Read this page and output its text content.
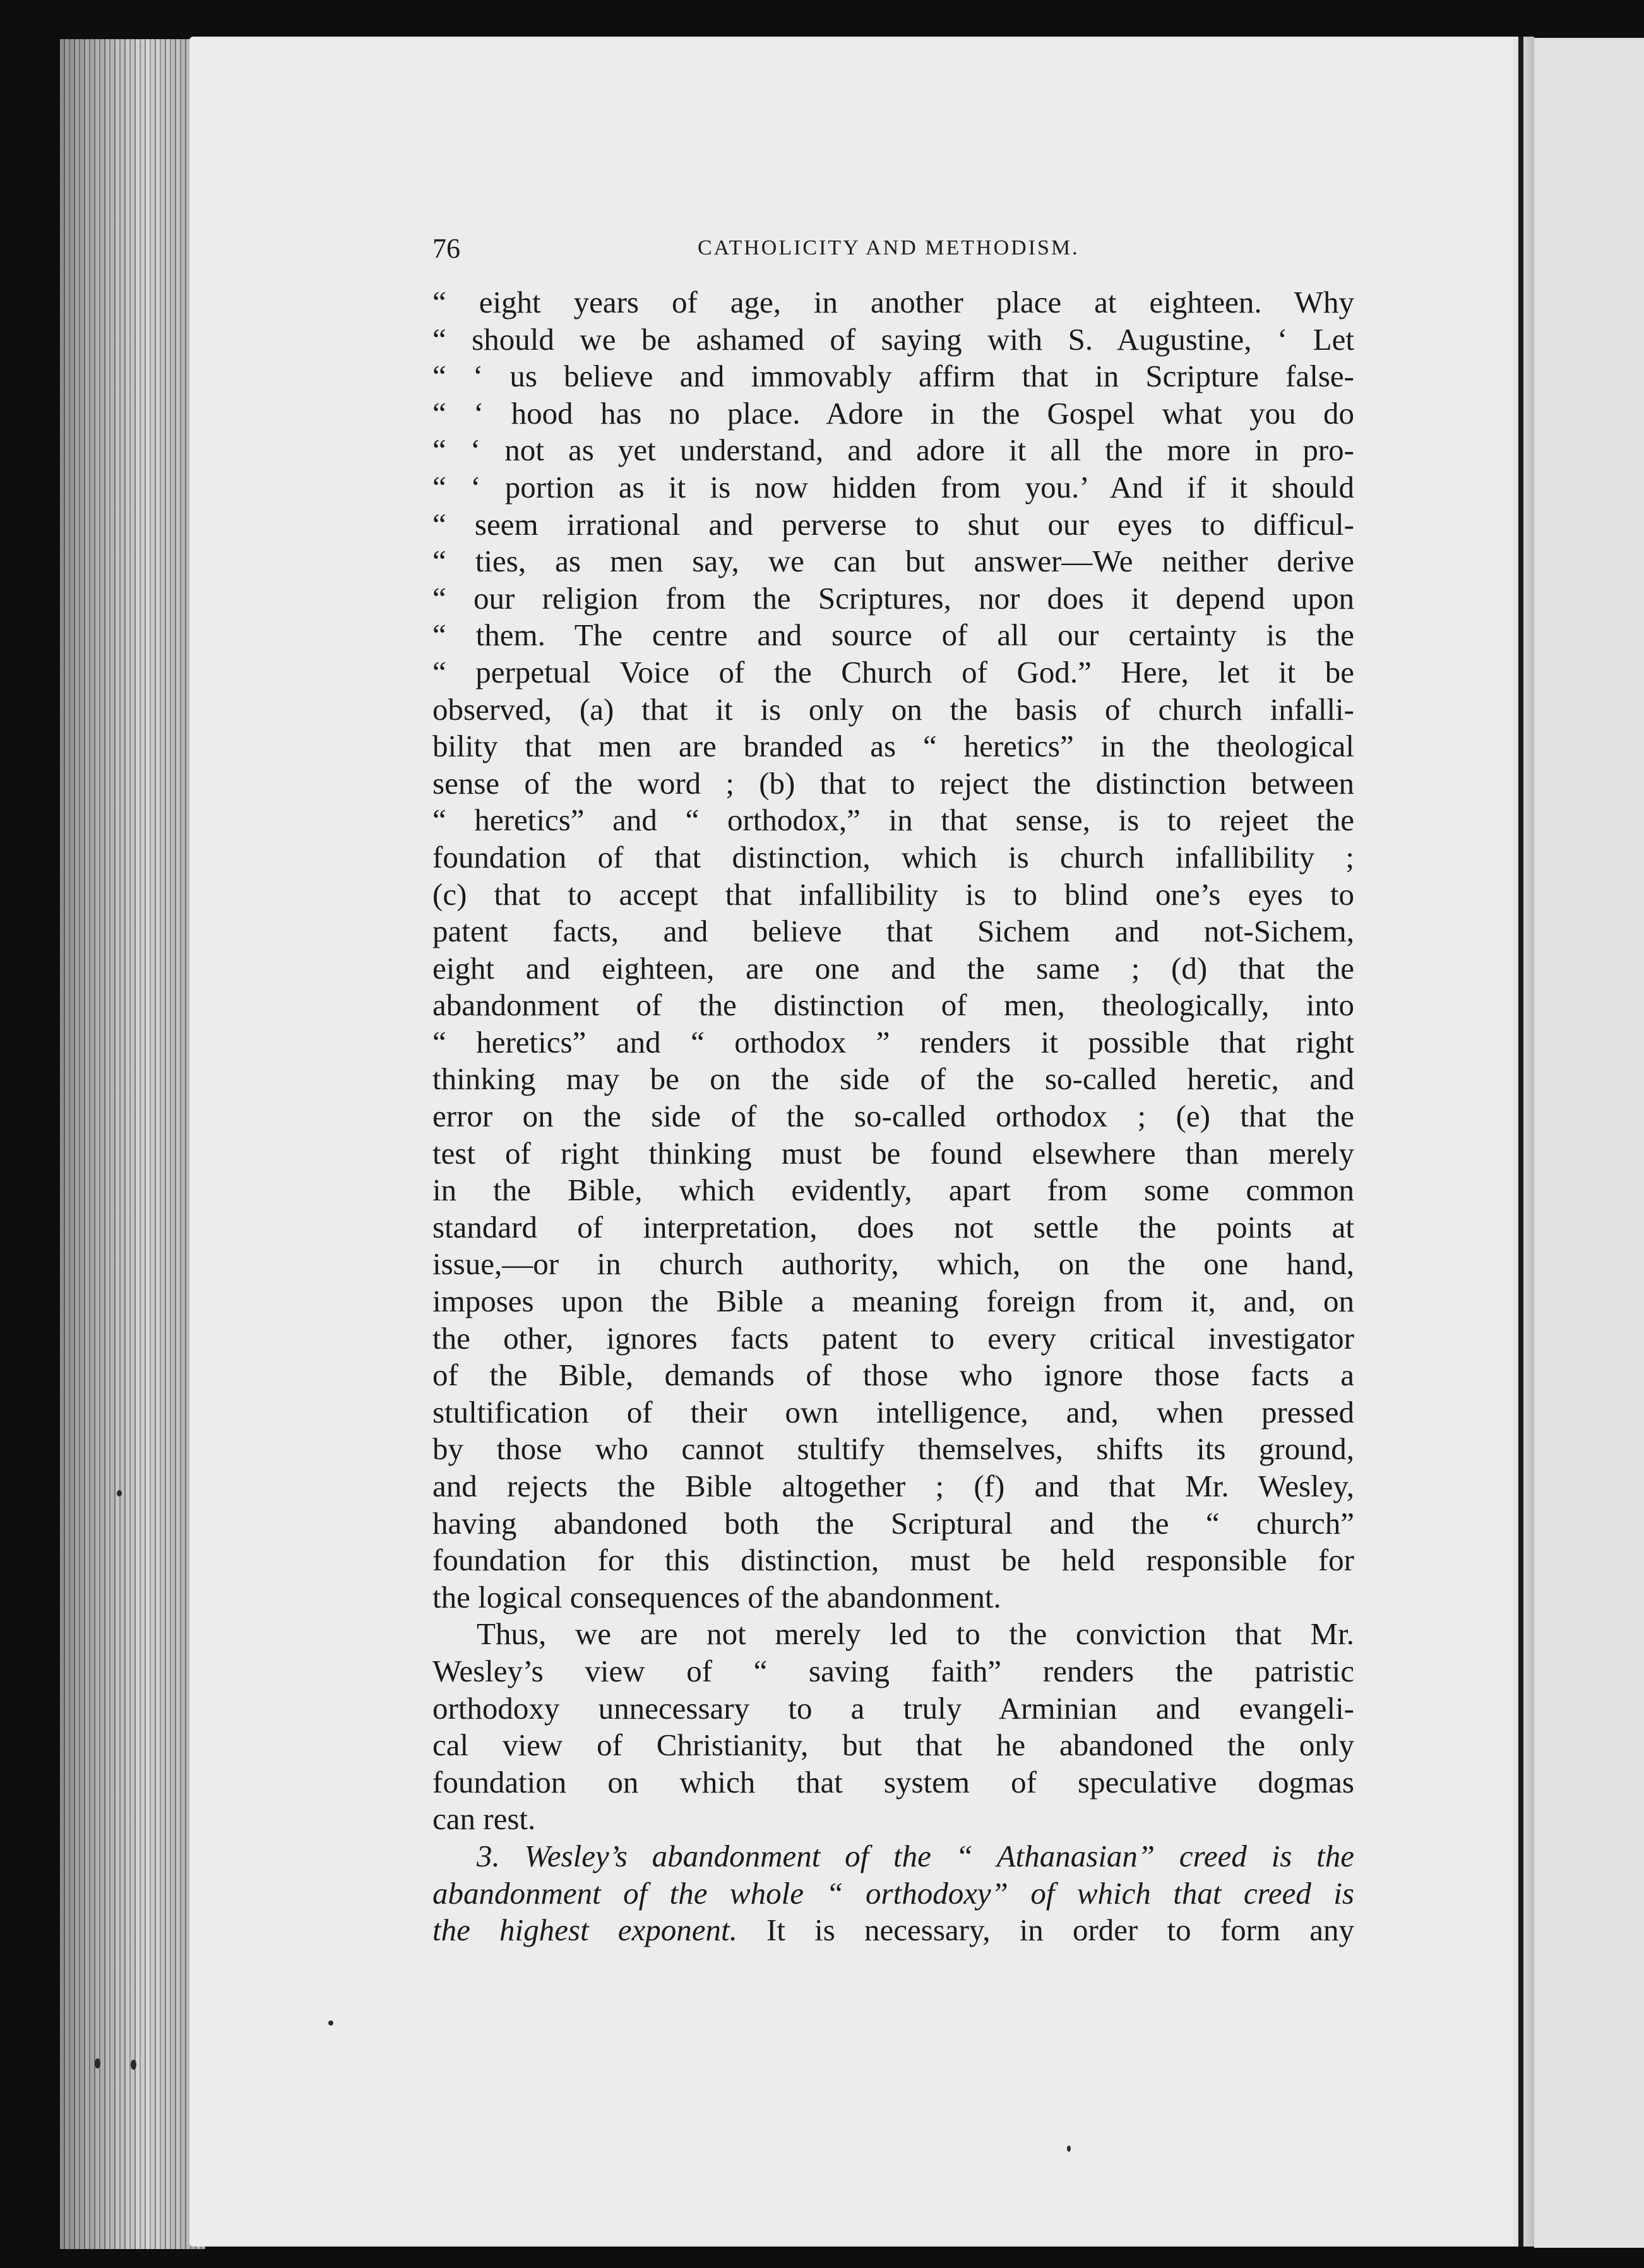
76	CATHOLICITY AND METHODISM.
“ eight years of age, in another place at eighteen. Why
“ should we be ashamed of saying with S. Augustine, ‘ Let
“ ‘ us believe and immovably affirm that in Scripture false-
“ ‘ hood has no place. Adore in the Gospel what you do
“ ‘ not as yet understand, and adore it all the more in pro-
“ ‘ portion as it is now hidden from you.’ And if it should
“ seem irrational and perverse to shut our eyes to difficul-
“ ties, as men say, we can but answer—We neither derive
“ our religion from the Scriptures, nor does it depend upon
“ them. The centre and source of all our certainty is the
“ perpetual Voice of the Church of God.” Here, let it be
observed, (a) that it is only on the basis of church infalli-
bility that men are branded as “ heretics” in the theological
sense of the word ; (b) that to reject the distinction between
“ heretics” and “ orthodox,” in that sense, is to rejeet the
foundation of that distinction, which is church infallibility ;
(c) that to accept that infallibility is to blind one’s eyes to
patent facts, and believe that Sichem and not-Sichem,
eight and eighteen, are one and the same ; (d) that the
abandonment of the distinction of men, theologically, into
“ heretics” and “ orthodox ” renders it possible that right
thinking may be on the side of the so-called heretic, and
error on the side of the so-called orthodox ; (e) that the
test of right thinking must be found elsewhere than merely
in the Bible, which evidently, apart from some common
standard of interpretation, does not settle the points at
issue,—or in church authority, which, on the one hand,
imposes upon the Bible a meaning foreign from it, and, on
the other, ignores facts patent to every critical investigator
of the Bible, demands of those who ignore those facts a
stultification of their own intelligence, and, when pressed
by those who cannot stultify themselves, shifts its ground,
and rejects the Bible altogether ; (f) and that Mr. Wesley,
having abandoned both the Scriptural and the “ church”
foundation for this distinction, must be held responsible for
the logical consequences of the abandonment.
Thus, we are not merely led to the conviction that Mr.
Wesley’s view of “ saving faith” renders the patristic
orthodoxy unnecessary to a truly Arminian and evangeli-
cal view of Christianity, but that he abandoned the only
foundation on which that system of speculative dogmas
can rest.
3. Wesley’s abandonment of the “ Athanasian” creed is the
abandonment of the whole “ orthodoxy” of which that creed is
the highest exponent. It is necessary, in order to form any
